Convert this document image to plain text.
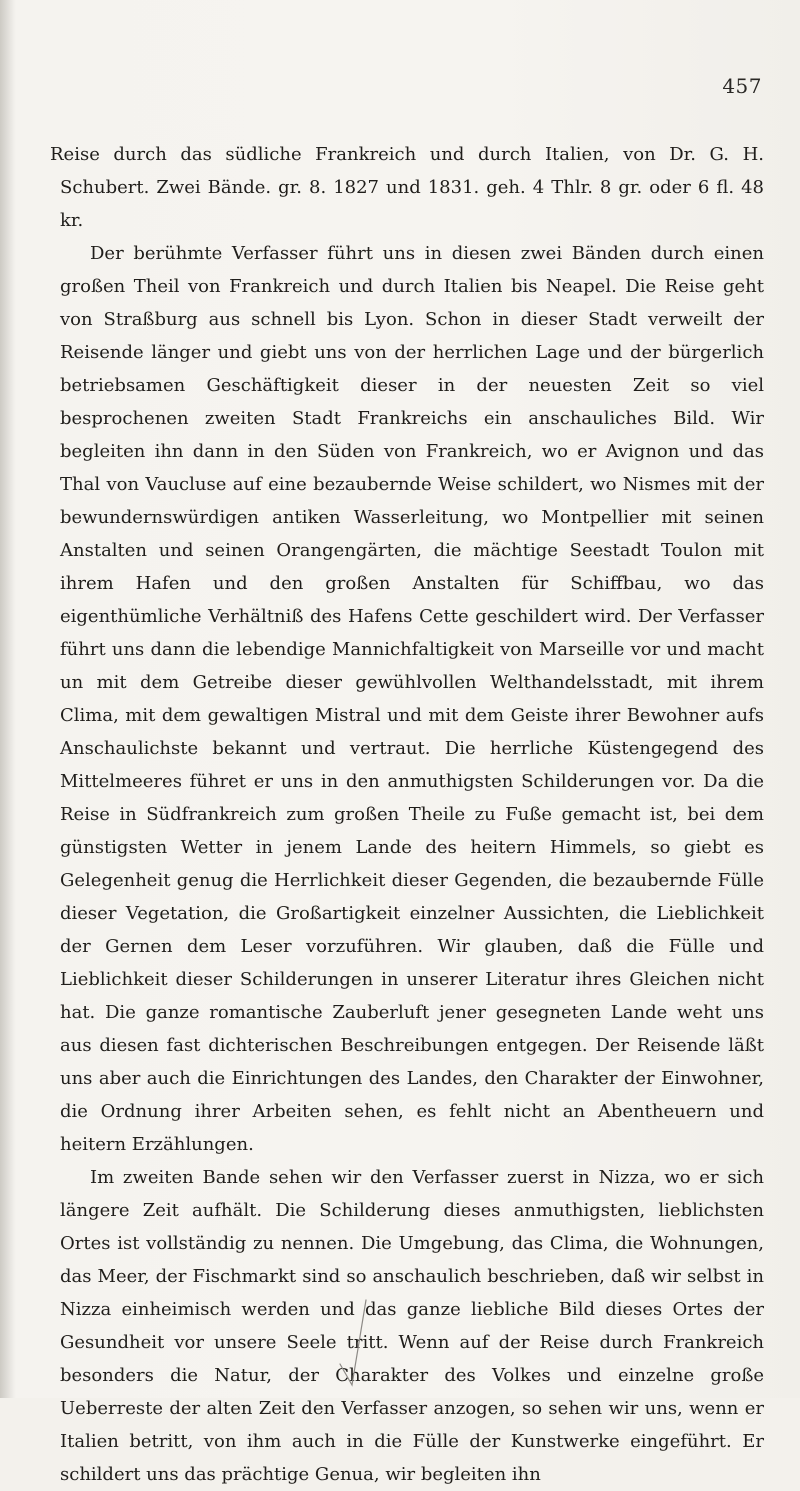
457

Reise durch das südliche Frankreich und durch Italien, von Dr. G. H. Schubert. Zwei Bände. gr. 8. 1827 und 1831. geh. 4 Thlr. 8 gr. oder 6 fl. 48 kr.

Der berühmte Verfasser führt uns in diesen zwei Bänden durch einen großen Theil von Frankreich und durch Italien bis Neapel. Die Reise geht von Straßburg aus schnell bis Lyon. Schon in dieser Stadt verweilt der Reisende länger und giebt uns von der herrlichen Lage und der bürgerlich betriebsamen Geschäftigkeit dieser in der neuesten Zeit so viel besprochenen zweiten Stadt Frankreichs ein anschauliches Bild. Wir begleiten ihn dann in den Süden von Frankreich, wo er Avignon und das Thal von Vaucluse auf eine bezaubernde Weise schildert, wo Nismes mit der bewundernswürdigen antiken Wasserleitung, wo Montpellier mit seinen Anstalten und seinen Orangengärten, die mächtige Seestadt Toulon mit ihrem Hafen und den großen Anstalten für Schiffbau, wo das eigenthümliche Verhältniß des Hafens Cette geschildert wird. Der Verfasser führt uns dann die lebendige Mannichfaltigkeit von Marseille vor und macht un mit dem Getreibe dieser gewühlvollen Welthandelsstadt, mit ihrem Clima, mit dem gewaltigen Mistral und mit dem Geiste ihrer Bewohner aufs Anschaulichste bekannt und vertraut. Die herrliche Küstengegend des Mittelmeeres führet er uns in den anmuthigsten Schilderungen vor. Da die Reise in Südfrankreich zum großen Theile zu Fuße gemacht ist, bei dem günstigsten Wetter in jenem Lande des heitern Himmels, so giebt es Gelegenheit genug die Herrlichkeit dieser Gegenden, die bezaubernde Fülle dieser Vegetation, die Großartigkeit einzelner Aussichten, die Lieblichkeit der Gernen dem Leser vorzuführen. Wir glauben, daß die Fülle und Lieblichkeit dieser Schilderungen in unserer Literatur ihres Gleichen nicht hat. Die ganze romantische Zauberluft jener gesegneten Lande weht uns aus diesen fast dichterischen Beschreibungen entgegen. Der Reisende läßt uns aber auch die Einrichtungen des Landes, den Charakter der Einwohner, die Ordnung ihrer Arbeiten sehen, es fehlt nicht an Abentheuern und heitern Erzählungen.

Im zweiten Bande sehen wir den Verfasser zuerst in Nizza, wo er sich längere Zeit aufhält. Die Schilderung dieses anmuthigsten, lieblichsten Ortes ist vollständig zu nennen. Die Umgebung, das Clima, die Wohnungen, das Meer, der Fischmarkt sind so anschaulich beschrieben, daß wir selbst in Nizza einheimisch werden und das ganze liebliche Bild dieses Ortes der Gesundheit vor unsere Seele tritt. Wenn auf der Reise durch Frankreich besonders die Natur, der Charakter des Volkes und einzelne große Ueberreste der alten Zeit den Verfasser anzogen, so sehen wir uns, wenn er Italien betritt, von ihm auch in die Fülle der Kunstwerke eingeführt. Er schildert uns das prächtige Genua, wir begleiten ihn
